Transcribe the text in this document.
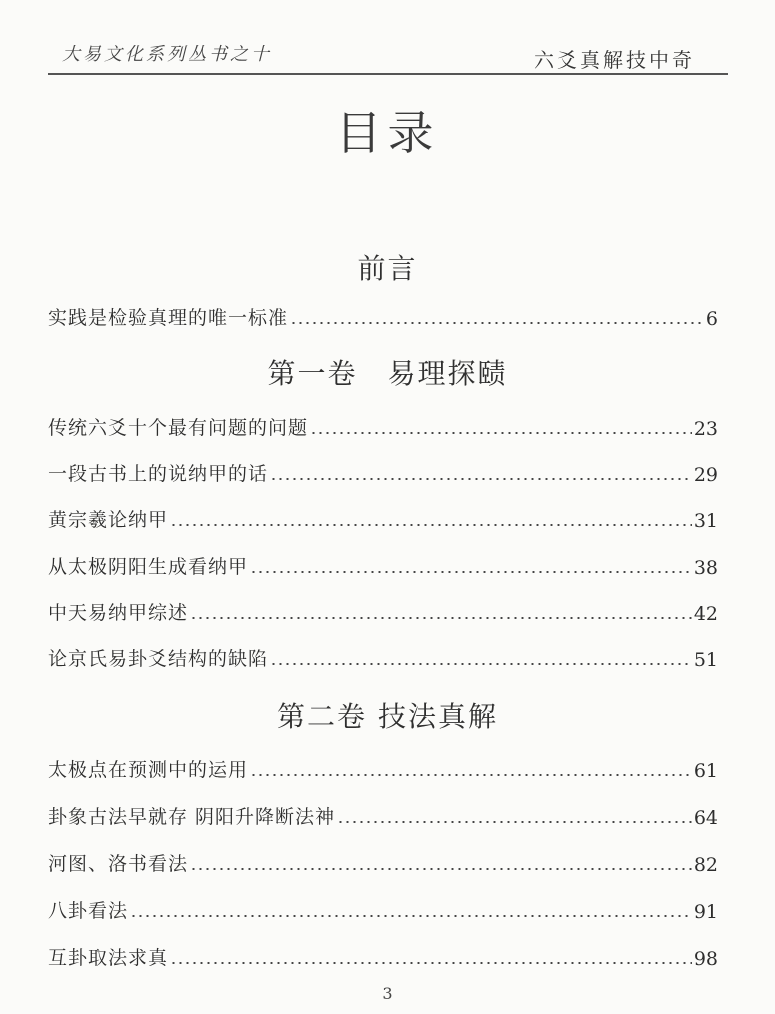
大易文化系列丛书之十	六爻真解技中奇
目录
前言
实践是检验真理的唯一标准	6
第一卷　易理探赜
传统六爻十个最有问题的问题	23
一段古书上的说纳甲的话	29
黄宗羲论纳甲	31
从太极阴阳生成看纳甲	38
中天易纳甲综述	42
论京氏易卦爻结构的缺陷	51
第二卷 技法真解
太极点在预测中的运用	61
卦象古法早就存 阴阳升降断法神	64
河图、洛书看法	82
八卦看法	91
互卦取法求真	98
3
